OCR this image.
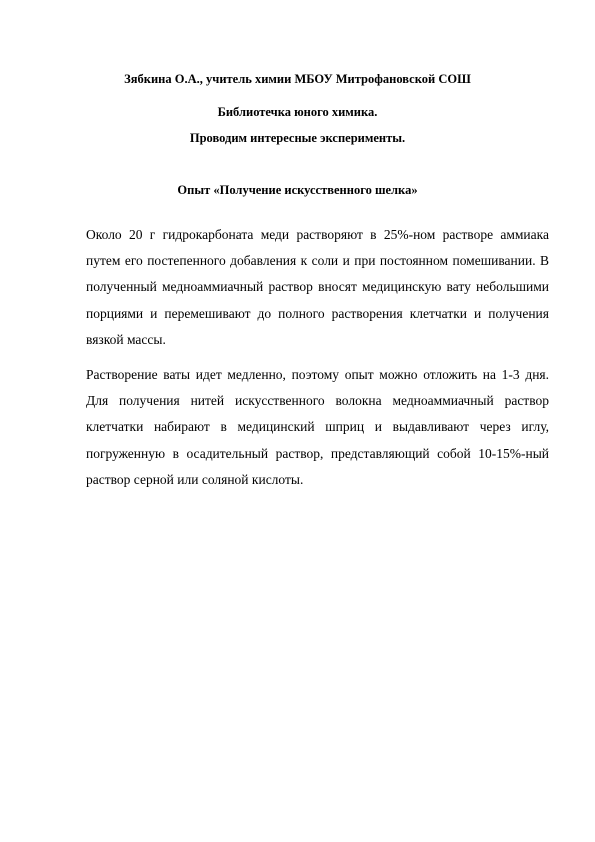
Зябкина О.А., учитель химии МБОУ Митрофановской СОШ
Библиотечка юного химика.
Проводим интересные эксперименты.
Опыт «Получение искусственного шелка»
Около 20 г гидрокарбоната меди растворяют в 25%-ном растворе аммиака
путем его постепенного добавления к соли и при постоянном помешивании. В
полученный медноаммиачный раствор вносят медицинскую вату небольшими
порциями и перемешивают до полного растворения клетчатки и получения
вязкой массы.
Растворение ваты идет медленно, поэтому опыт можно отложить на 1-3 дня.
Для получения нитей искусственного волокна медноаммиачный раствор
клетчатки набирают в медицинский шприц и выдавливают через иглу,
погруженную в осадительный раствор, представляющий собой 10-15%-ный
раствор серной или соляной кислоты.
